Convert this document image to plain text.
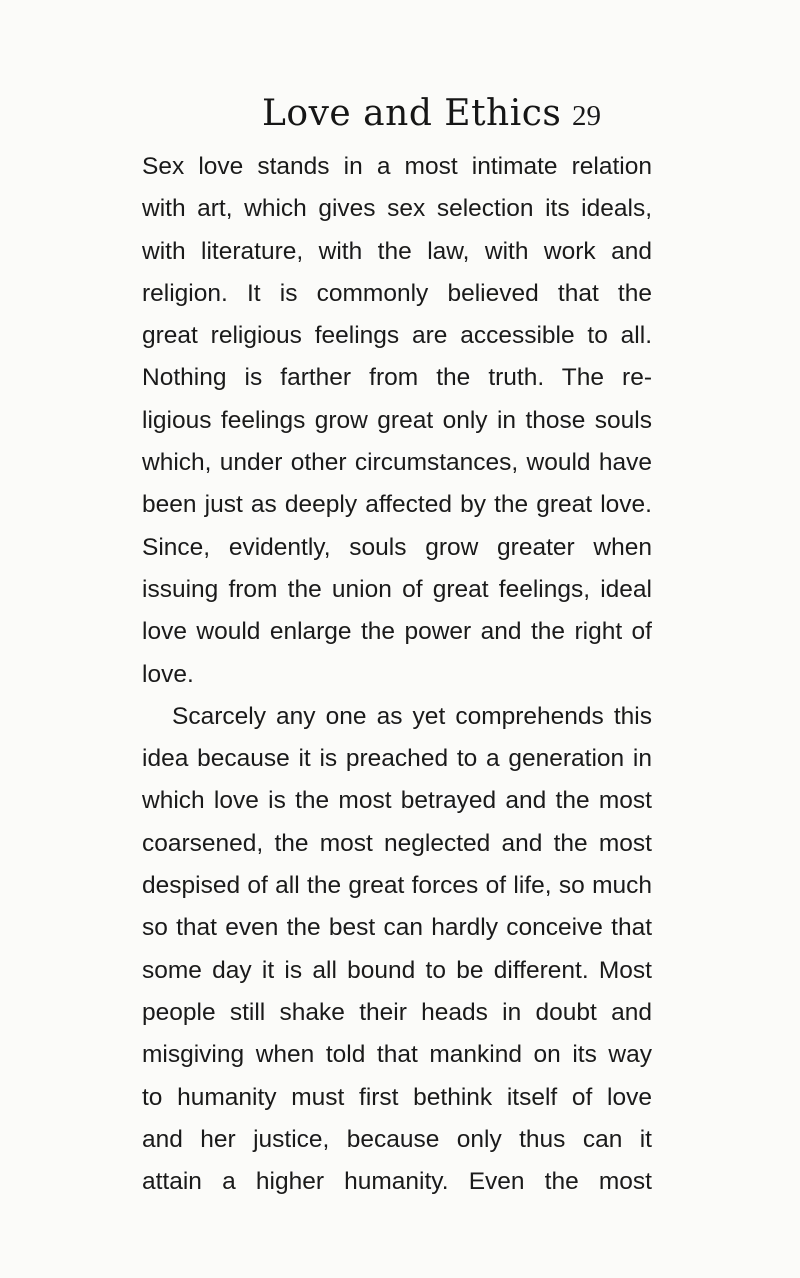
Love and Ethics 29
Sex love stands in a most intimate relation
with art, which gives sex selection its ideals,
with literature, with the law, with work and
religion. It is commonly believed that the
great religious feelings are accessible to all.
Nothing is farther from the truth. The re-
ligious feelings grow great only in those souls
which, under other circumstances, would have
been just as deeply affected by the great love.
Since, evidently, souls grow greater when
issuing from the union of great feelings, ideal
love would enlarge the power and the right of
love.
Scarcely any one as yet comprehends this
idea because it is preached to a generation in
which love is the most betrayed and the most
coarsened, the most neglected and the most
despised of all the great forces of life, so much
so that even the best can hardly conceive that
some day it is all bound to be different. Most
people still shake their heads in doubt and
misgiving when told that mankind on its way
to humanity must first bethink itself of love
and her justice, because only thus can it
attain a higher humanity. Even the most
